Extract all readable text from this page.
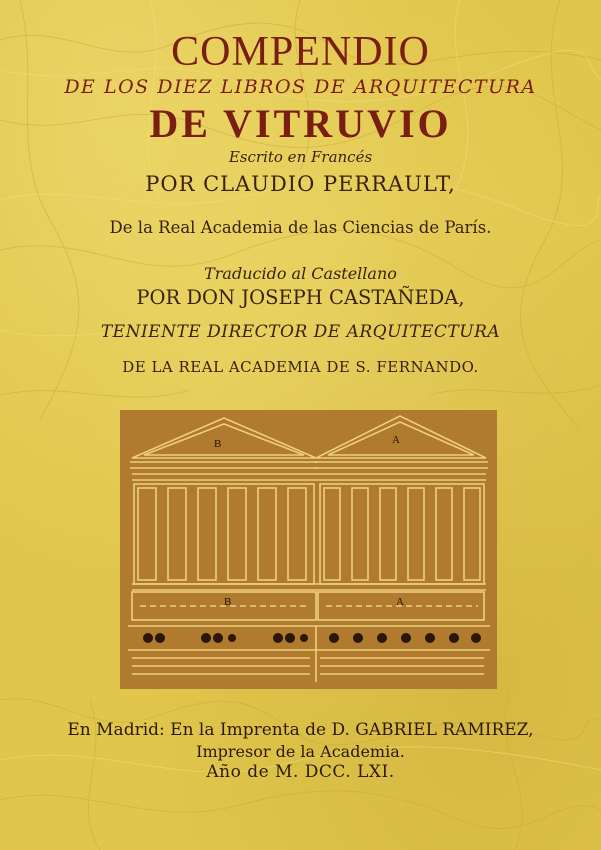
COMPENDIO
DE LOS DIEZ LIBROS DE ARQUITECTURA
DE VITRUVIO
Escrito en Francés
POR CLAUDIO PERRAULT,
De la Real Academia de las Ciencias de París.
Traducido al Castellano
POR DON JOSEPH CASTAÑEDA,
TENIENTE DIRECTOR DE ARQUITECTURA
DE LA REAL ACADEMIA DE S. FERNANDO.
B	A
B	A
En Madrid: En la Imprenta de D. GABRIEL RAMIREZ,
Impresor de la Academia.
Año de M. DCC. LXI.
